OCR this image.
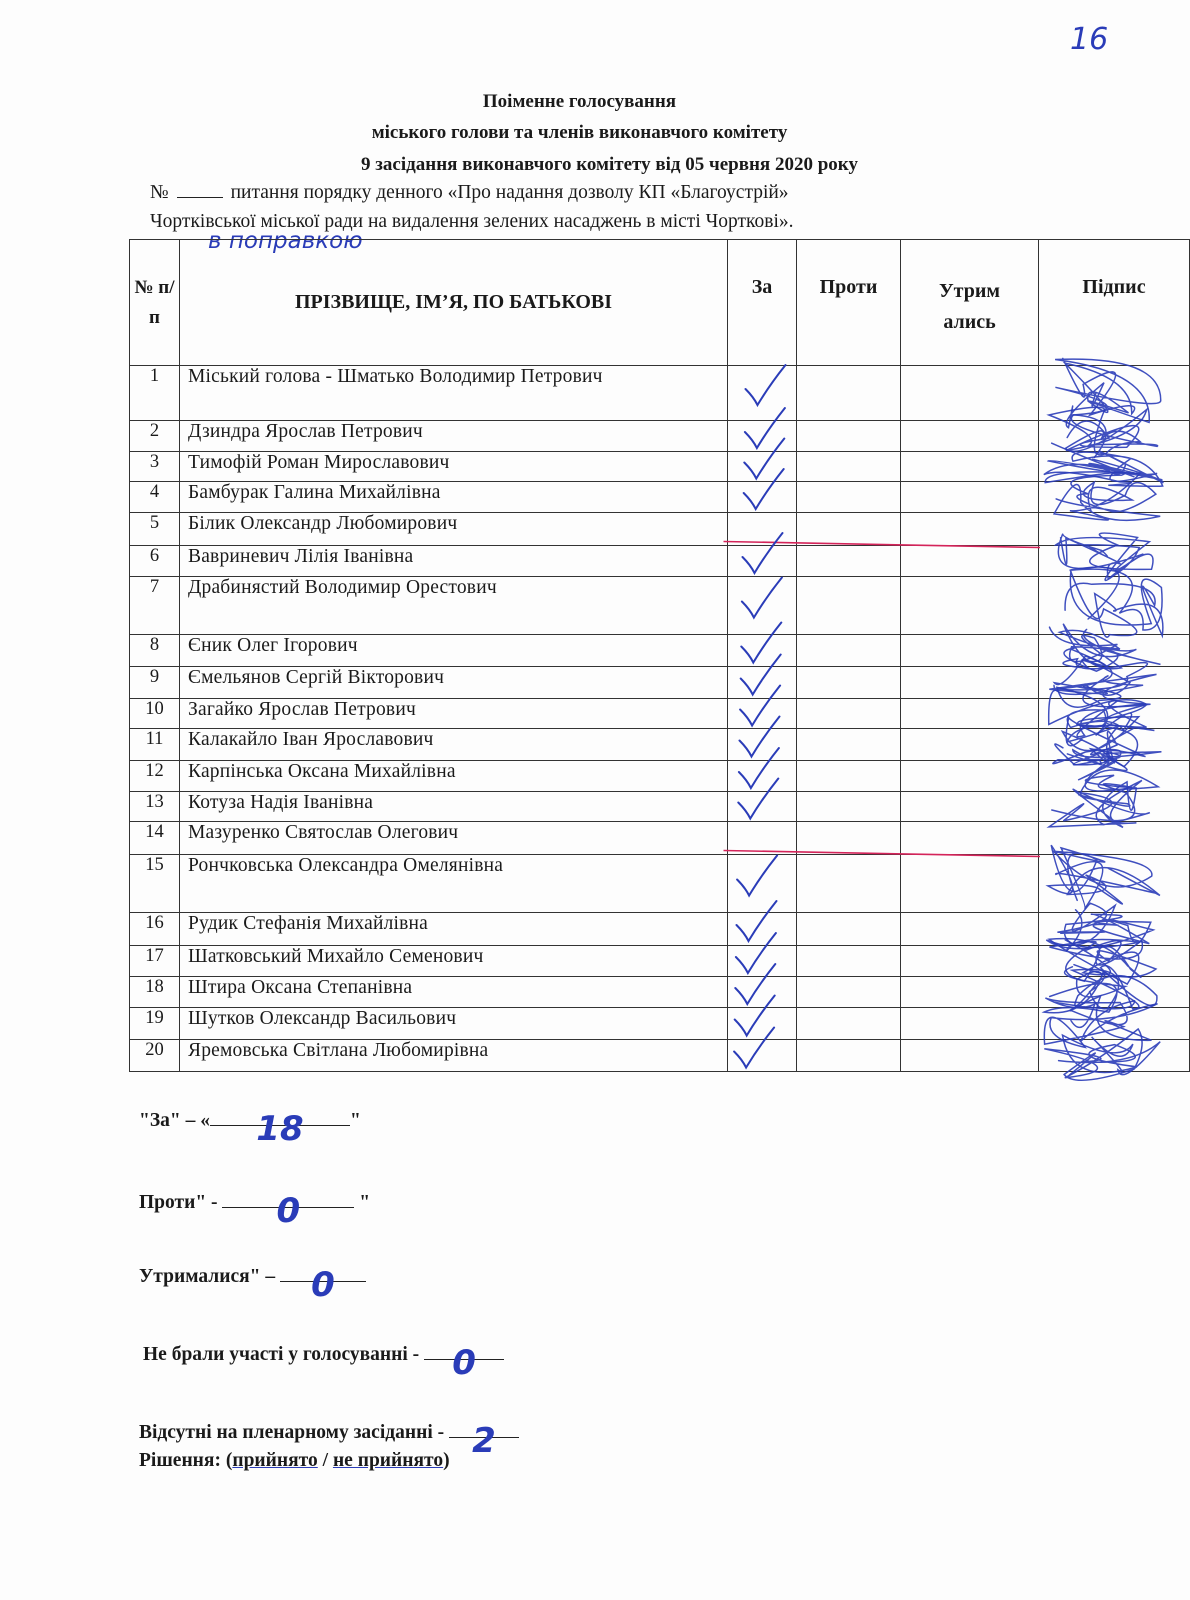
16
Поіменне голосування
міського голови та членів виконавчого комітету
9 засідання виконавчого комітету від 05 червня 2020 року
№	питання порядку денного «Про надання дозволу КП «Благоустрій»
Чортківської міської ради на видалення зелених насаджень в місті Чорткові».
в поправкою
№ п/ п	ПРІЗВИЩЕ, ІМ’Я, ПО БАТЬКОВІ	За	Проти	Утрим ались	Підпис
1	Міський голова - Шматько Володимир Петрович				
2	Дзиндра Ярослав Петрович				
3	Тимофій Роман Мирославович				
4	Бамбурак Галина Михайлівна				
5	Білик Олександр Любомирович				
6	Вавриневич Лілія Іванівна				
7	Драбинястий Володимир Орестович				
8	Єник Олег Ігорович				
9	Ємельянов Сергій Вікторович				
10	Загайко Ярослав Петрович				
11	Калакайло Іван Ярославович				
12	Карпінська Оксана Михайлівна				
13	Котуза Надія Іванівна				
14	Мазуренко Святослав Олегович				
15	Рончковська Олександра Омелянівна				
16	Рудик Стефанія Михайлівна				
17	Шатковський Михайло Семенович				
18	Штира Оксана Степанівна				
19	Шутков Олександр Васильович				
20	Яремовська Світлана Любомирівна				
"За" – «	18	"
Проти" -	0	"
Утрималися" –	0
Не брали участі у голосуванні - 0
Відсутні на пленарному засіданні - 2
Рішення: (прийнято / не прийнято)
